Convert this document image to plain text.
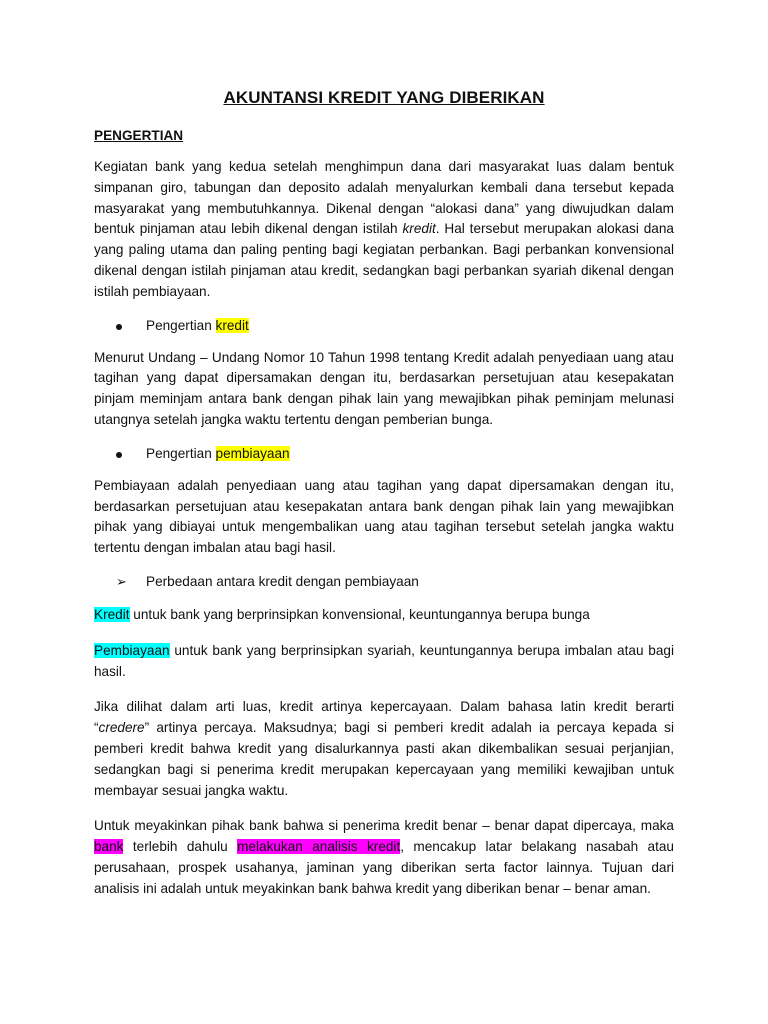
AKUNTANSI KREDIT YANG DIBERIKAN
PENGERTIAN

Kegiatan bank yang kedua setelah menghimpun dana dari masyarakat luas dalam bentuk simpanan giro, tabungan dan deposito adalah menyalurkan kembali dana tersebut kepada masyarakat yang membutuhkannya. Dikenal dengan “alokasi dana” yang diwujudkan dalam bentuk pinjaman atau lebih dikenal dengan istilah kredit. Hal tersebut merupakan alokasi dana yang paling utama dan paling penting bagi kegiatan perbankan. Bagi perbankan konvensional dikenal dengan istilah pinjaman atau kredit, sedangkan bagi perbankan syariah dikenal dengan istilah pembiayaan.

Pengertian
kredit

Menurut Undang – Undang Nomor 10 Tahun 1998 tentang Kredit adalah penyediaan uang atau tagihan yang dapat dipersamakan dengan itu, berdasarkan persetujuan atau kesepakatan pinjam meminjam antara bank dengan pihak lain yang mewajibkan pihak peminjam melunasi utangnya setelah jangka waktu tertentu dengan pemberian bunga.

Pengertian
pembiayaan

Pembiayaan adalah penyediaan uang atau tagihan yang dapat dipersamakan dengan itu, berdasarkan persetujuan atau kesepakatan antara bank dengan pihak lain yang mewajibkan pihak yang dibiayai untuk mengembalikan uang atau tagihan tersebut setelah jangka waktu tertentu dengan imbalan atau bagi hasil.

➢	Perbedaan antara kredit dengan pembiayaan

Kredit untuk bank yang berprinsipkan konvensional, keuntungannya berupa bunga

Pembiayaan untuk bank yang berprinsipkan syariah, keuntungannya berupa imbalan atau bagi hasil.

Jika dilihat dalam arti luas, kredit artinya kepercayaan. Dalam bahasa latin kredit berarti “credere” artinya percaya. Maksudnya; bagi si pemberi kredit adalah ia percaya kepada si pemberi kredit bahwa kredit yang disalurkannya pasti akan dikembalikan sesuai perjanjian, sedangkan bagi si penerima kredit merupakan kepercayaan yang memiliki kewajiban untuk membayar sesuai jangka waktu.

Untuk meyakinkan pihak bank bahwa si penerima kredit benar – benar dapat dipercaya, maka bank terlebih dahulu melakukan analisis kredit, mencakup latar belakang nasabah atau perusahaan, prospek usahanya, jaminan yang diberikan serta factor lainnya. Tujuan dari analisis ini adalah untuk meyakinkan bank bahwa kredit yang diberikan benar – benar aman.
